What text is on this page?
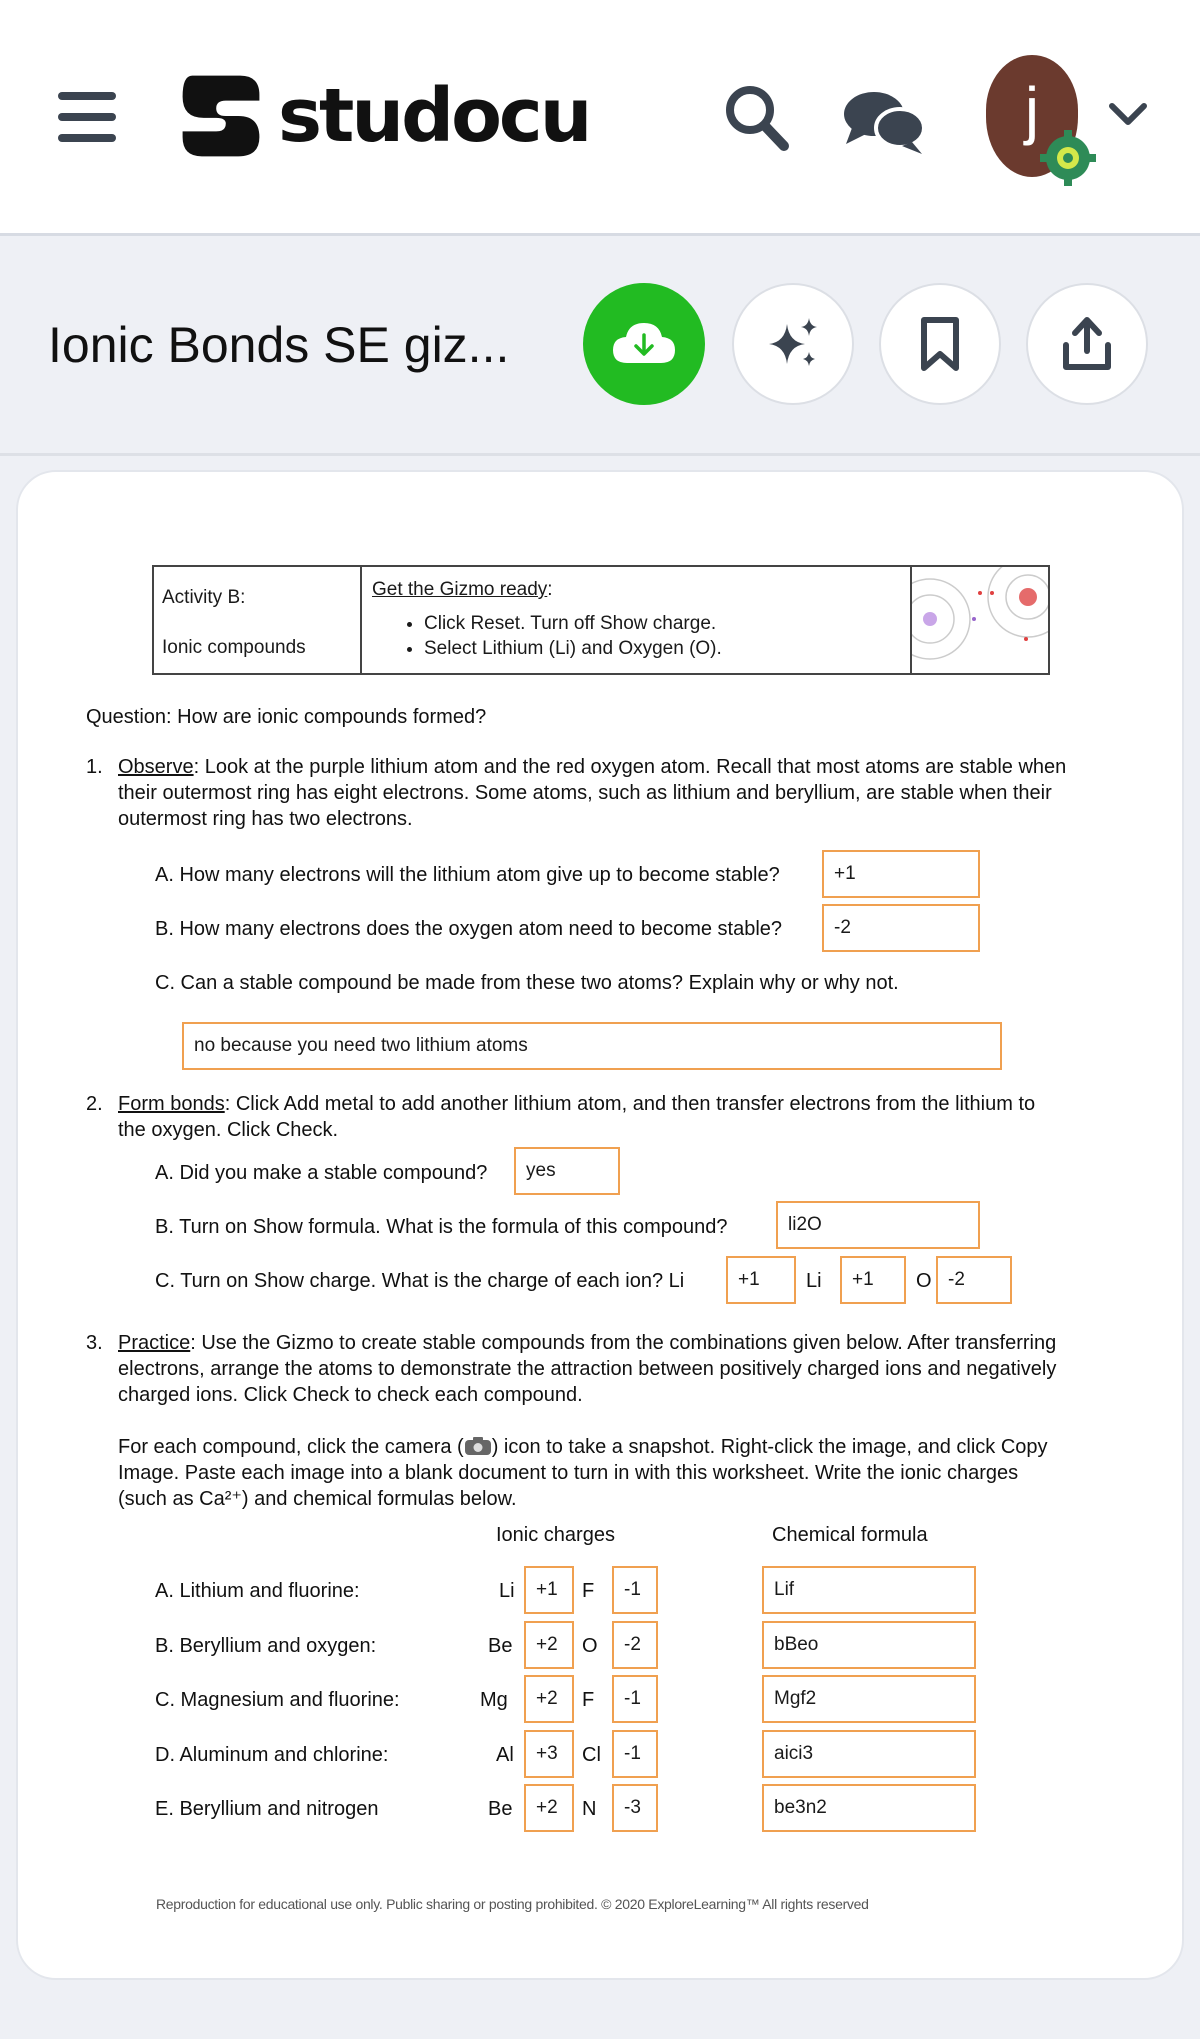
studocu	j
Ionic Bonds SE giz...
Activity B:
Ionic compounds
Get the Gizmo ready:
• Click Reset. Turn off Show charge.
• Select Lithium (Li) and Oxygen (O).
Question: How are ionic compounds formed?
1. Observe: Look at the purple lithium atom and the red oxygen atom. Recall that most atoms are stable when
their outermost ring has eight electrons. Some atoms, such as lithium and beryllium, are stable when their
outermost ring has two electrons.
A. How many electrons will the lithium atom give up to become stable?	+1
B. How many electrons does the oxygen atom need to become stable?	-2
C. Can a stable compound be made from these two atoms? Explain why or why not.
no because you need two lithium atoms
2. Form bonds: Click Add metal to add another lithium atom, and then transfer electrons from the lithium to
the oxygen. Click Check.
A. Did you make a stable compound?	yes
B. Turn on Show formula. What is the formula of this compound?	li2O
C. Turn on Show charge. What is the charge of each ion? Li	+1	Li	+1	O -2
3. Practice: Use the Gizmo to create stable compounds from the combinations given below. After transferring
electrons, arrange the atoms to demonstrate the attraction between positively charged ions and negatively
charged ions. Click Check to check each compound.
For each compound, click the camera ( ) icon to take a snapshot. Right-click the image, and click Copy
Image. Paste each image into a blank document to turn in with this worksheet. Write the ionic charges
(such as Ca²⁺) and chemical formulas below.
Ionic charges	Chemical formula
A. Lithium and fluorine:	Li	+1	F	-1	Lif
B. Beryllium and oxygen:	Be	+2	O	-2	bBeo
C. Magnesium and fluorine:	Mg	+2	F	-1	Mgf2
D. Aluminum and chlorine:	Al	+3	Cl	-1	aici3
E. Beryllium and nitrogen	Be	+2	N	-3	be3n2
Reproduction for educational use only. Public sharing or posting prohibited. © 2020 ExploreLearning™ All rights reserved
